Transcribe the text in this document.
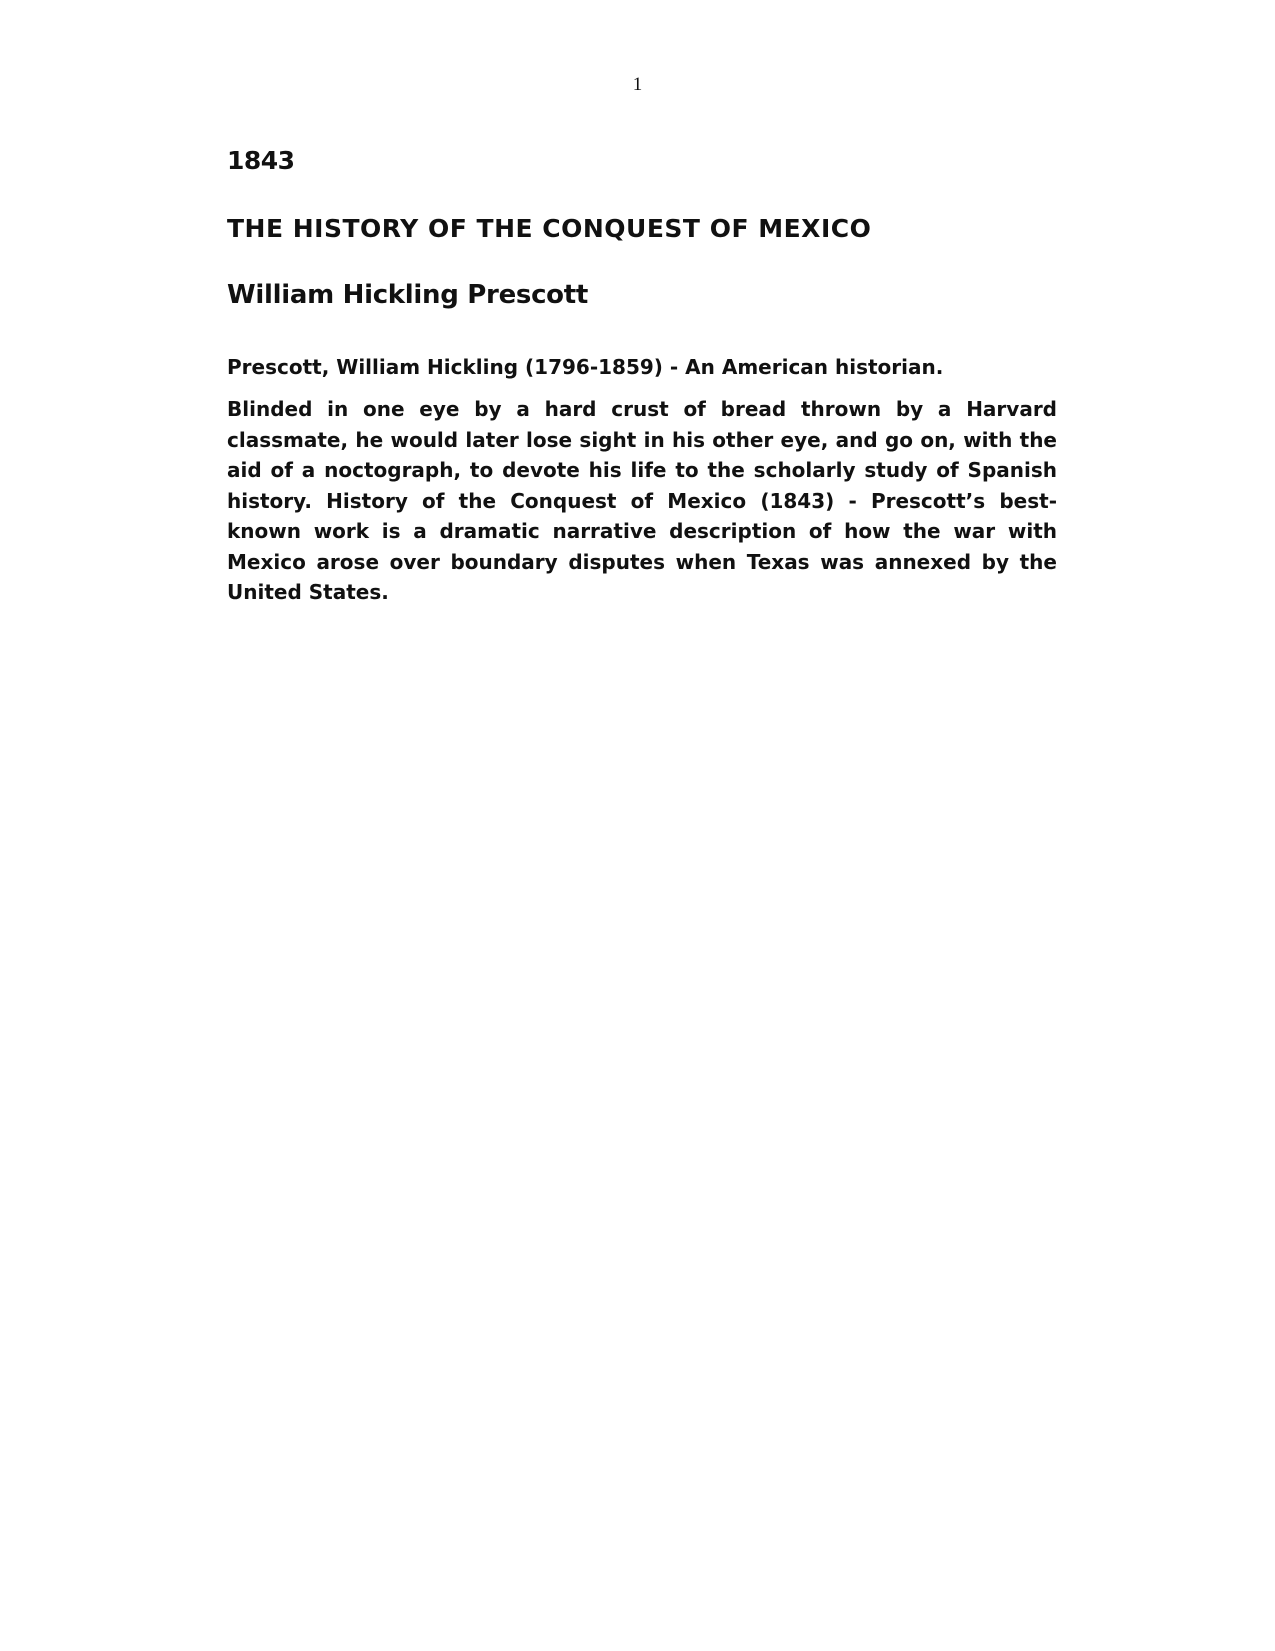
1
1843
THE HISTORY OF THE CONQUEST OF MEXICO
William Hickling Prescott

Prescott, William Hickling (1796-1859) - An American historian.

Blinded in one eye by a hard crust of bread thrown by a Harvard classmate, he would later lose sight in his other eye, and go on, with the aid of a noctograph, to devote his life to the scholarly study of Spanish history. History of the Conquest of Mexico (1843) - Prescott’s best-known work is a dramatic narrative description of how the war with Mexico arose over boundary disputes when Texas was annexed by the United States.
